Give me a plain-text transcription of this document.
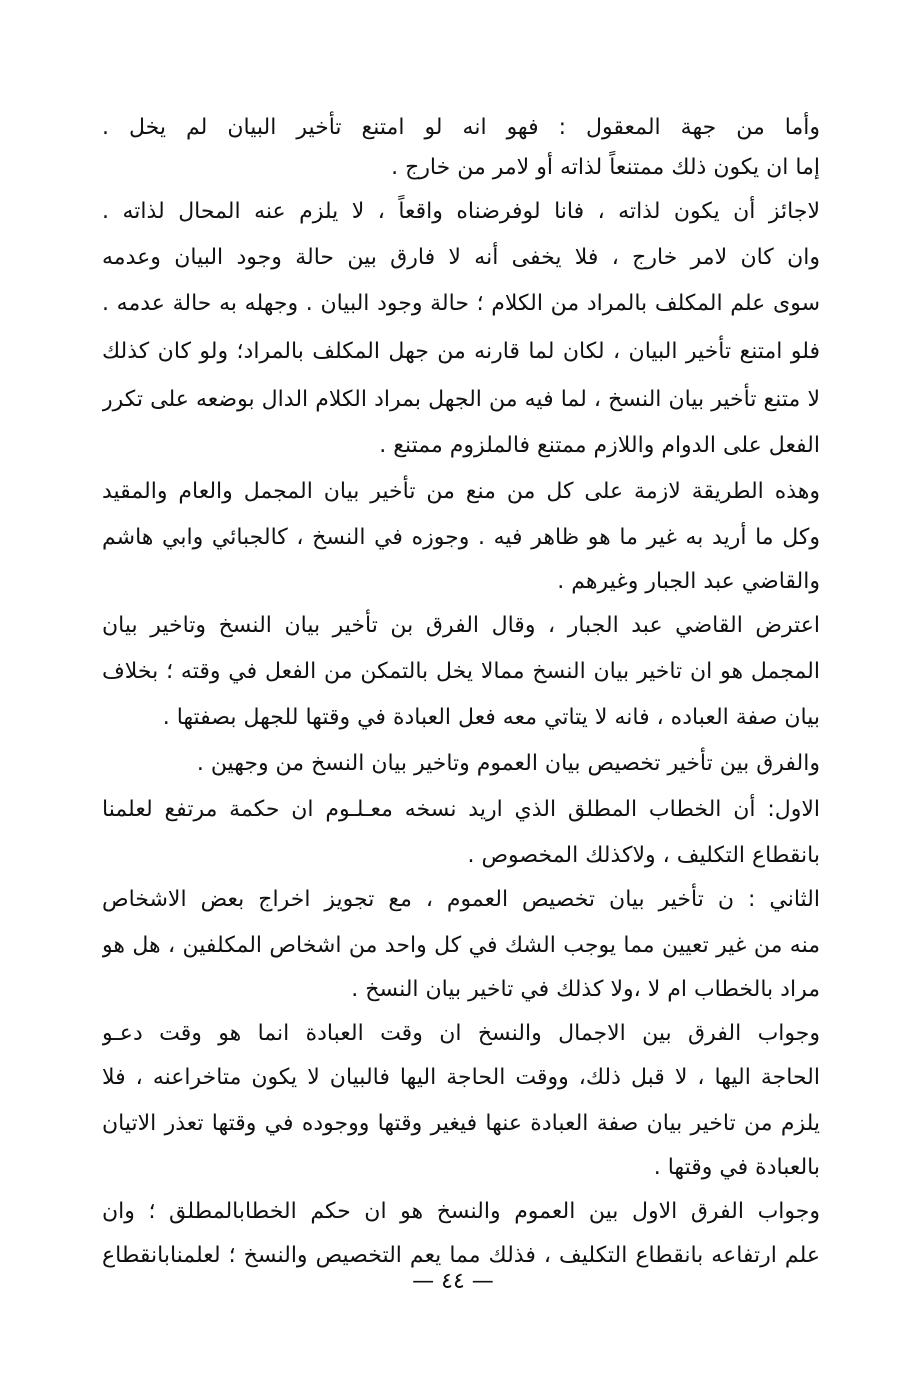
وأما من جهة المعقول : فهو انه لو امتنع تأخير البيان لم يخل .
إما ان يكون ذلك ممتنعاً لذاته أو لامر من خارج .
لاجائز أن يكون لذاته ، فانا لوفرضناه واقعاً ، لا يلزم عنه المحال لذاته .
وان كان لامر خارج ، فلا يخفى أنه لا فارق بين حالة وجود البيان وعدمه
سوى علم المكلف بالمراد من الكلام ؛ حالة وجود البيان . وجهله به حالة عدمه .
فلو امتنع تأخير البيان ، لكان لما قارنه من جهل المكلف بالمراد؛ ولو كان كذلك
لا متنع تأخير بيان النسخ ، لما فيه من الجهل بمراد الكلام الدال بوضعه على تكرر
الفعل على الدوام واللازم ممتنع فالملزوم ممتنع .
وهذه الطريقة لازمة على كل من منع من تأخير بيان المجمل والعام والمقيد
وكل ما أريد به غير ما هو ظاهر فيه . وجوزه في النسخ ، كالجبائي وابي هاشم
والقاضي عبد الجبار وغيرهم .
اعترض القاضي عبد الجبار ، وقال الفرق بن تأخير بيان النسخ وتاخير بيان
المجمل هو ان تاخير بيان النسخ ممالا يخل بالتمكن من الفعل في وقته ؛ بخلاف
بيان صفة العباده ، فانه لا يتاتي معه فعل العبادة في وقتها للجهل بصفتها .
والفرق بين تأخير تخصيص بيان العموم وتاخير بيان النسخ من وجهين .
الاول: أن الخطاب المطلق الذي اريد نسخه معـلـوم ان حكمة مرتفع لعلمنا
بانقطاع التكليف ، ولاكذلك المخصوص .
الثاني : ن تأخير بيان تخصيص العموم ، مع تجويز اخراج بعض الاشخاص
منه من غير تعيين مما يوجب الشك في كل واحد من اشخاص المكلفين ، هل هو
مراد بالخطاب ام لا ،ولا كذلك في تاخير بيان النسخ .
وجواب الفرق بين الاجمال والنسخ ان وقت العبادة انما هو وقت دعـو
الحاجة اليها ، لا قبل ذلك، ووقت الحاجة اليها فالبيان لا يكون متاخراعنه ، فلا
يلزم من تاخير بيان صفة العبادة عنها فيغير وقتها ووجوده في وقتها تعذر الاتيان
بالعبادة في وقتها .
وجواب الفرق الاول بين العموم والنسخ هو ان حكم الخطابالمطلق ؛ وان
علم ارتفاعه بانقطاع التكليف ، فذلك مما يعم التخصيص والنسخ ؛ لعلمنابانقطاع
— ٤٤ —
